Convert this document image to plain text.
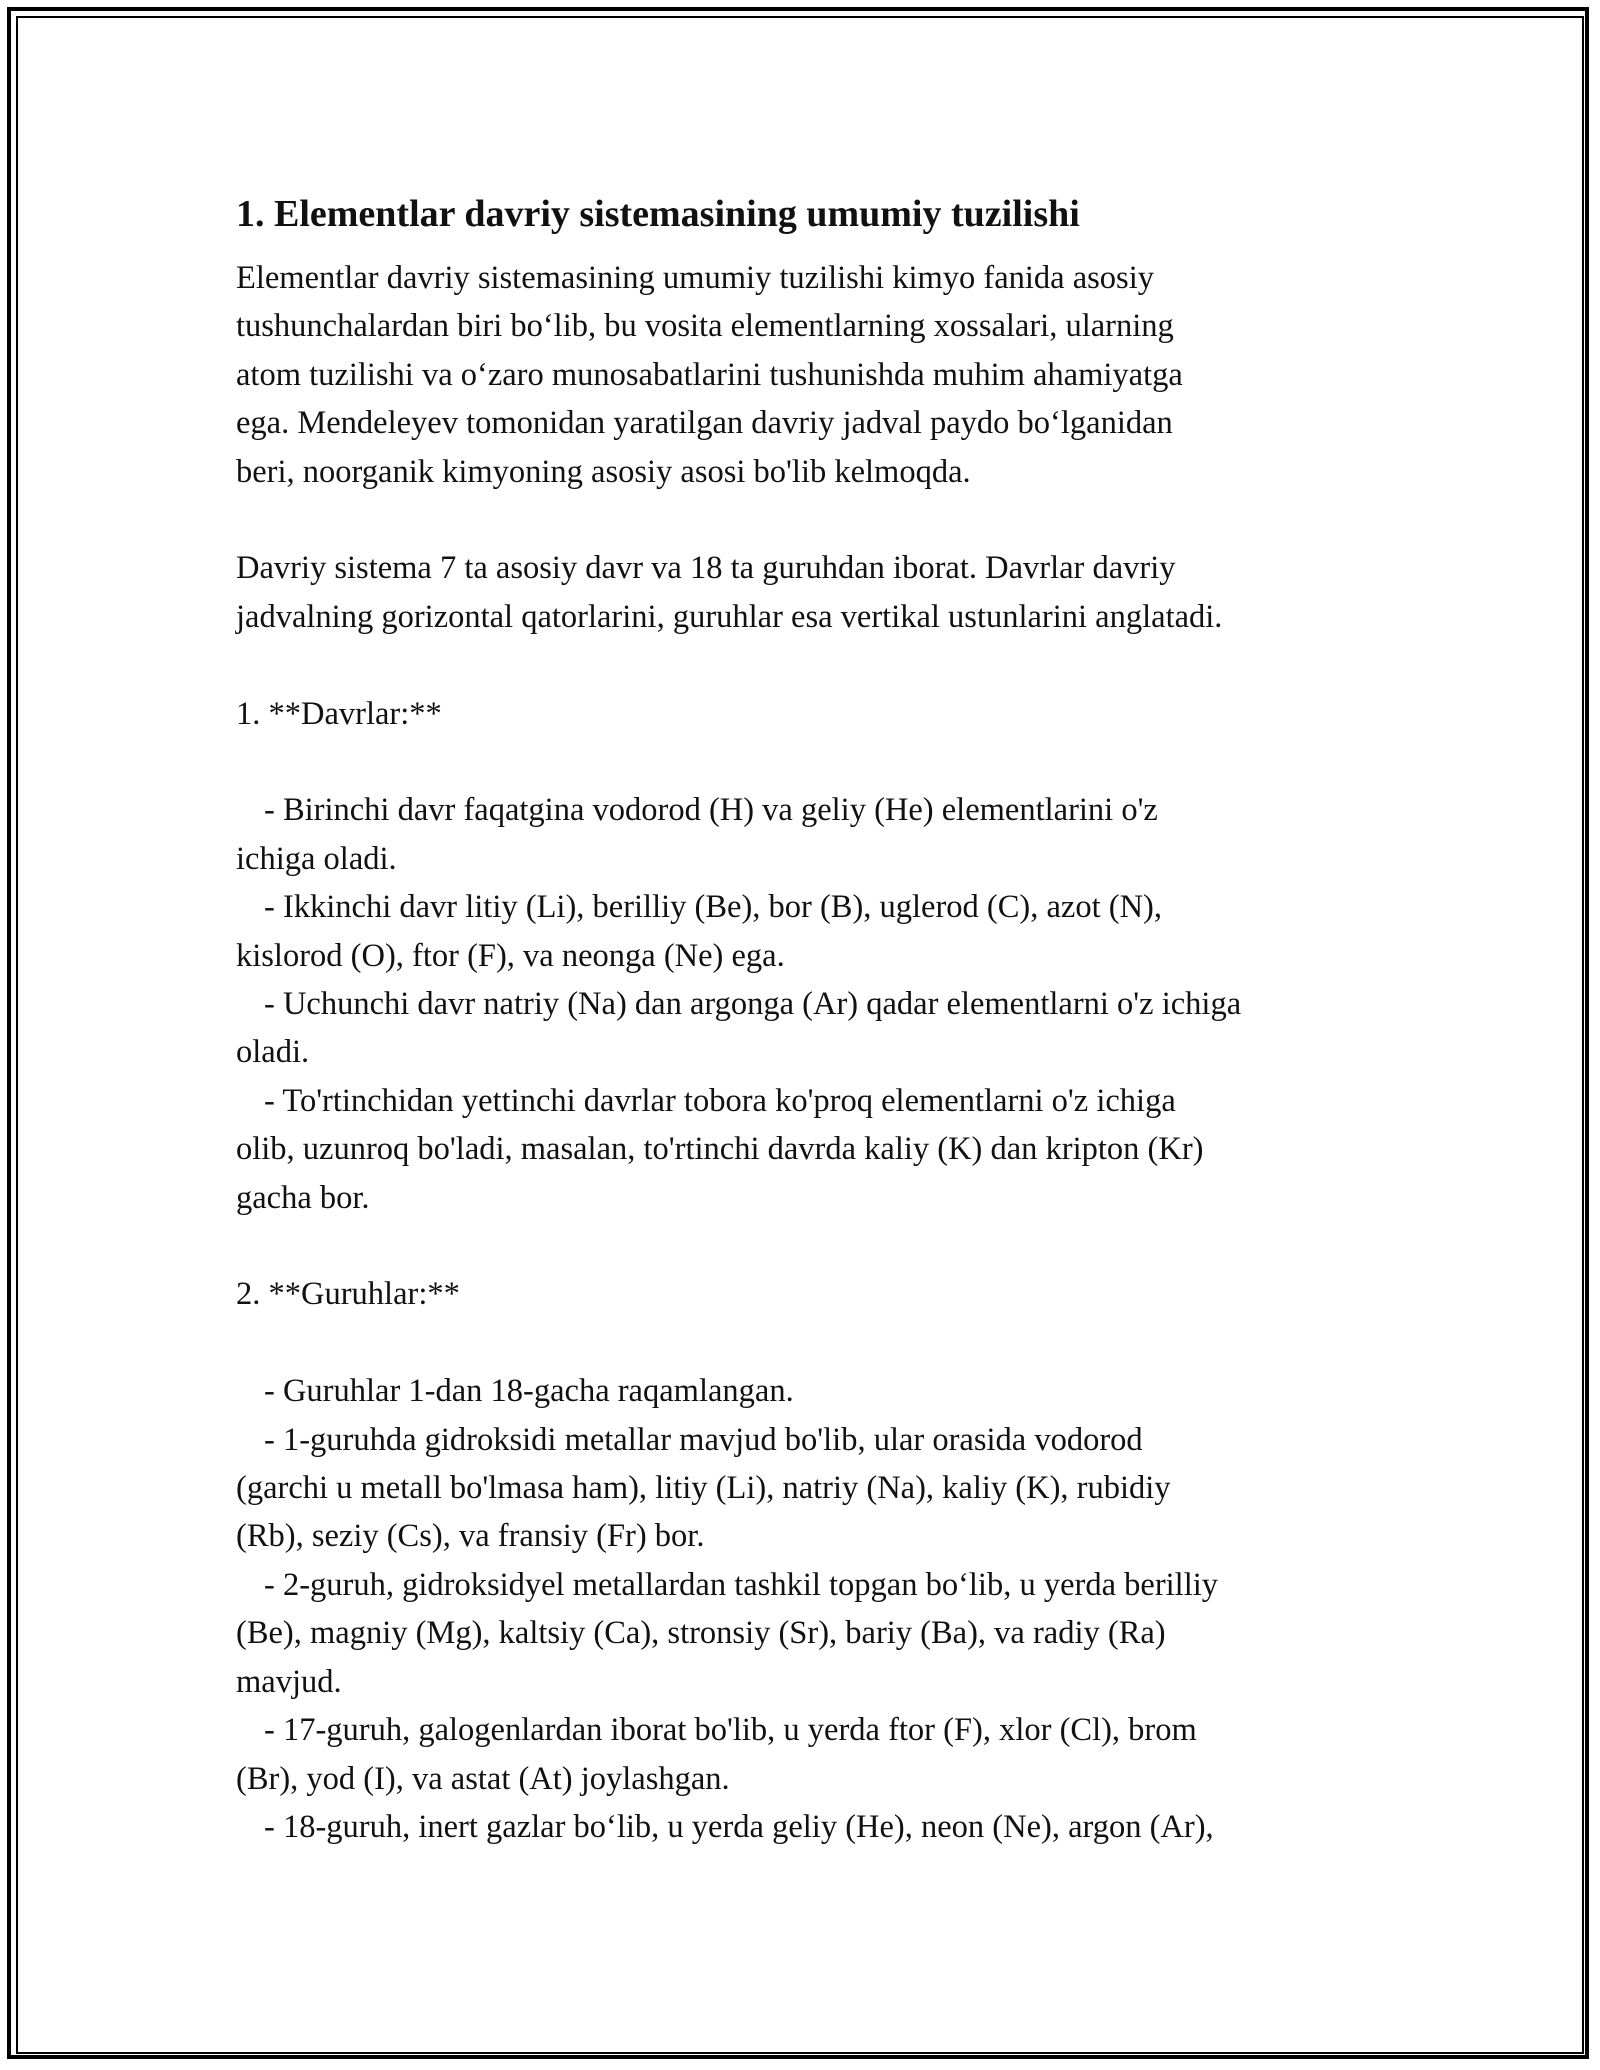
1. Elementlar davriy sistemasining umumiy tuzilishi
Elementlar davriy sistemasining umumiy tuzilishi kimyo fanida asosiy
tushunchalardan biri bo‘lib, bu vosita elementlarning xossalari, ularning
atom tuzilishi va o‘zaro munosabatlarini tushunishda muhim ahamiyatga
ega. Mendeleyev tomonidan yaratilgan davriy jadval paydo bo‘lganidan
beri, noorganik kimyoning asosiy asosi bo'lib kelmoqda.
Davriy sistema 7 ta asosiy davr va 18 ta guruhdan iborat. Davrlar davriy
jadvalning gorizontal qatorlarini, guruhlar esa vertikal ustunlarini anglatadi.
1. **Davrlar:**
- Birinchi davr faqatgina vodorod (H) va geliy (He) elementlarini o'z
ichiga oladi.
- Ikkinchi davr litiy (Li), berilliy (Be), bor (B), uglerod (C), azot (N),
kislorod (O), ftor (F), va neonga (Ne) ega.
- Uchunchi davr natriy (Na) dan argonga (Ar) qadar elementlarni o'z ichiga
oladi.
- To'rtinchidan yettinchi davrlar tobora ko'proq elementlarni o'z ichiga
olib, uzunroq bo'ladi, masalan, to'rtinchi davrda kaliy (K) dan kripton (Kr)
gacha bor.
2. **Guruhlar:**
- Guruhlar 1-dan 18-gacha raqamlangan.
- 1-guruhda gidroksidi metallar mavjud bo'lib, ular orasida vodorod
(garchi u metall bo'lmasa ham), litiy (Li), natriy (Na), kaliy (K), rubidiy
(Rb), seziy (Cs), va fransiy (Fr) bor.
- 2-guruh, gidroksidyel metallardan tashkil topgan bo‘lib, u yerda berilliy
(Be), magniy (Mg), kaltsiy (Ca), stronsiy (Sr), bariy (Ba), va radiy (Ra)
mavjud.
- 17-guruh, galogenlardan iborat bo'lib, u yerda ftor (F), xlor (Cl), brom
(Br), yod (I), va astat (At) joylashgan.
- 18-guruh, inert gazlar bo‘lib, u yerda geliy (He), neon (Ne), argon (Ar),
